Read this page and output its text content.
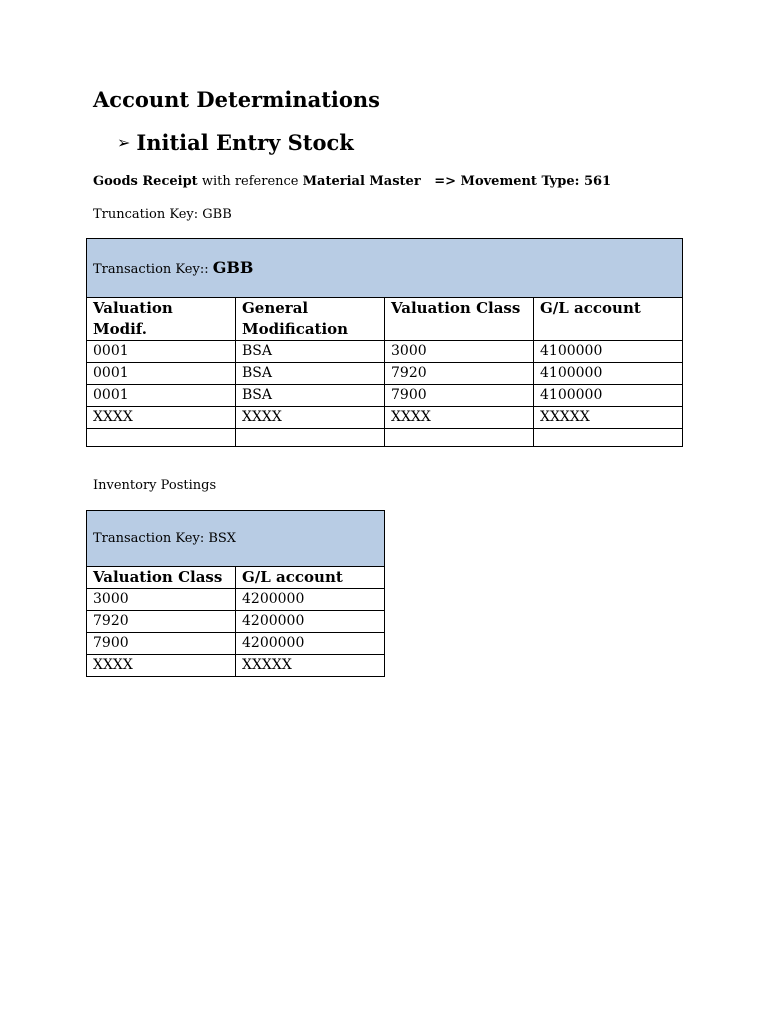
Account Determinations
➢ Initial Entry Stock
Goods Receipt with reference Material Master   => Movement Type: 561
Truncation Key: GBB
Transaction Key:: GBB			
Valuation Modif.	General Modification	Valuation Class	G/L account
0001	BSA	3000	4100000
0001	BSA	7920	4100000
0001	BSA	7900	4100000
XXXX	XXXX	XXXX	XXXXX

Inventory Postings
Transaction Key: BSX	
Valuation Class	G/L account
3000	4200000
7920	4200000
7900	4200000
XXXX	XXXXX
